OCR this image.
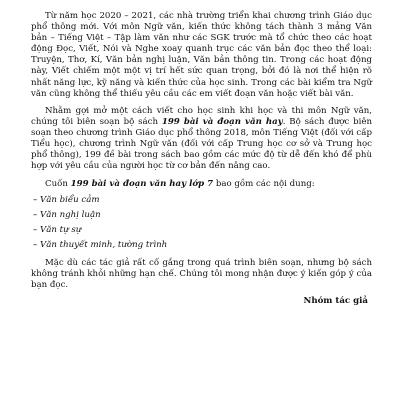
Từ năm học 2020 – 2021, các nhà trường triển khai chương trình Giáo dục phổ thông mới. Với môn Ngữ văn, kiến thức không tách thành 3 mảng Văn bản – Tiếng Việt – Tập làm văn như các SGK trước mà tổ chức theo các hoạt động Đọc, Viết, Nói và Nghe xoay quanh trục các văn bản đọc theo thể loại: Truyện, Thơ, Kí, Văn bản nghị luận, Văn bản thông tin. Trong các hoạt động này, Viết chiếm một một vị trí hết sức quan trọng, bởi đó là nơi thể hiện rõ nhất năng lực, kỹ năng và kiến thức của học sinh. Trong các bài kiểm tra Ngữ văn cũng không thể thiếu yêu cầu các em viết đoạn văn hoặc viết bài văn.

Nhằm gợi mở một cách viết cho học sinh khi học và thi môn Ngữ văn, chúng tôi biên soạn bộ sách 199 bài và đoạn văn hay. Bộ sách được biên soạn theo chương trình Giáo dục phổ thông 2018, môn Tiếng Việt (đối với cấp Tiểu học), chương trình Ngữ văn (đối với cấp Trung học cơ sở và Trung học phổ thông), 199 đề bài trong sách bao gồm các mức độ từ dễ đến khó để phù hợp với yêu cầu của người học từ cơ bản đến nâng cao.

Cuốn 199 bài và đoạn văn hay lớp 7 bao gồm các nội dung:

– Văn biểu cảm
– Văn nghị luận
– Văn tự sự
– Văn thuyết minh, tường trình

Mặc dù các tác giả rất cố gắng trong quá trình biên soạn, nhưng bộ sách không tránh khỏi những hạn chế. Chúng tôi mong nhận được ý kiến góp ý của bạn đọc.

Nhóm tác giả
